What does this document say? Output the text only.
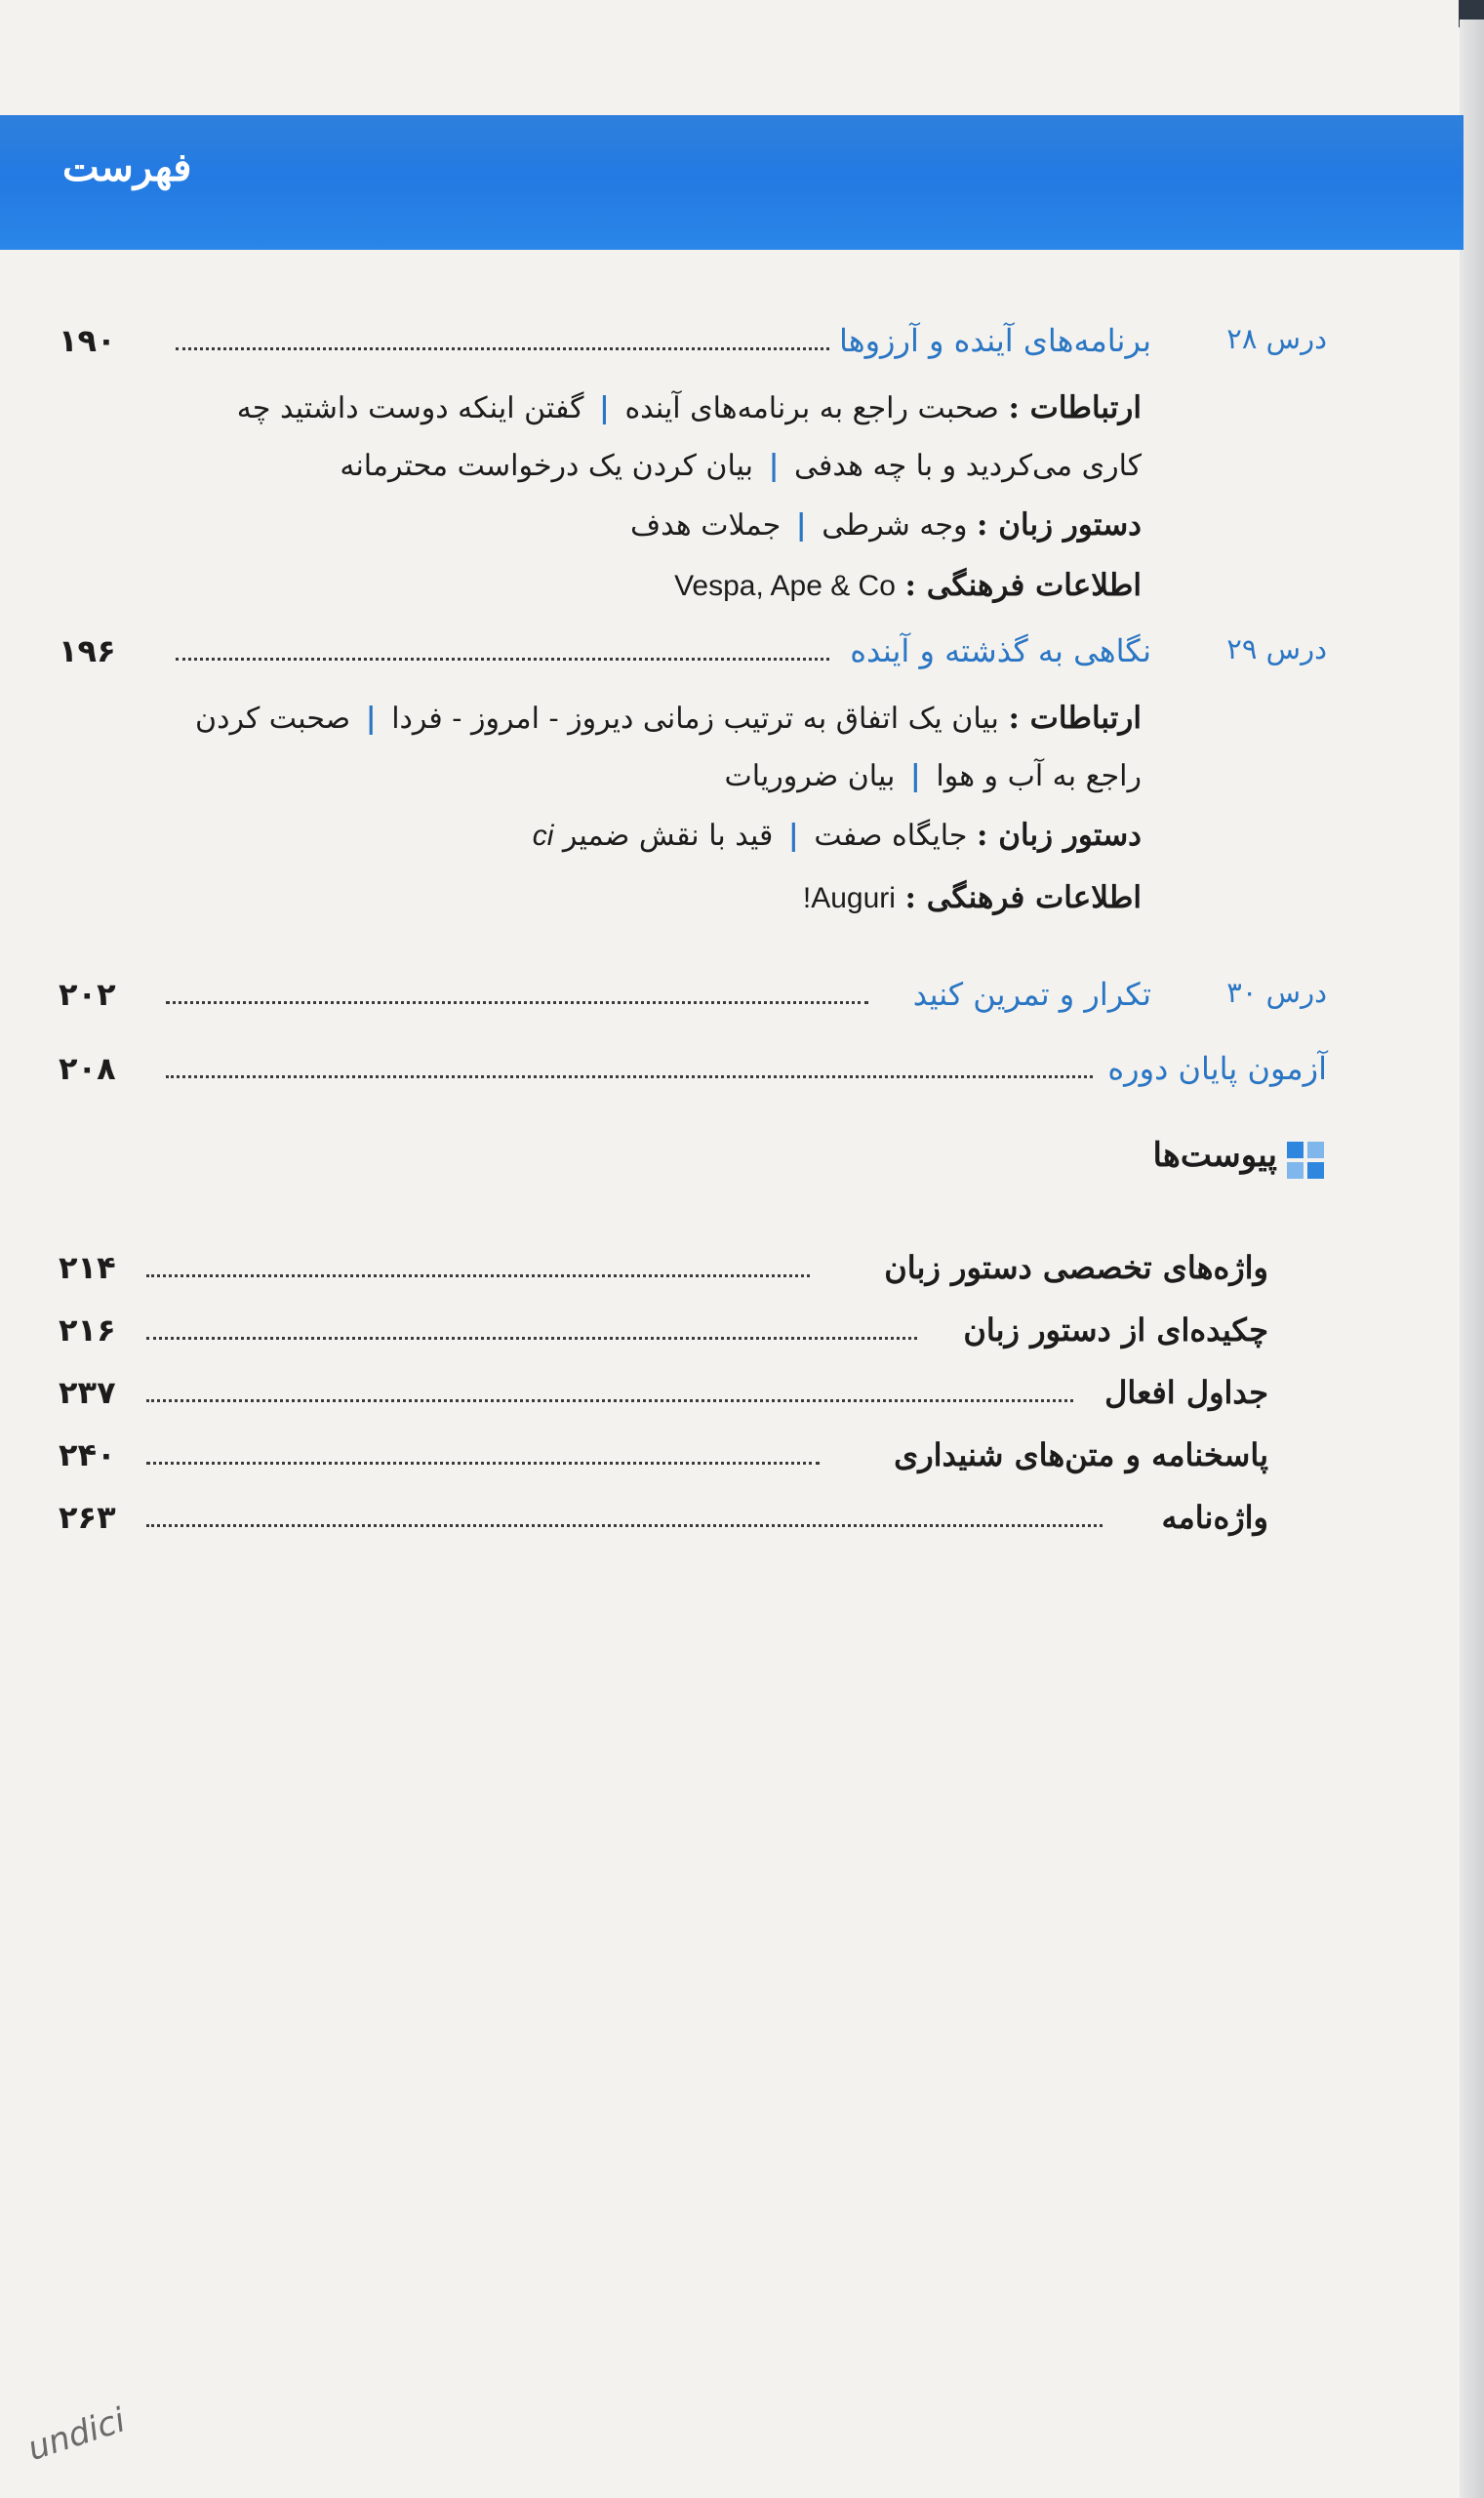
فهرست
درس ۲۸
برنامه‌های آینده و آرزوها
۱۹۰
ارتباطات : صحبت راجع به برنامه‌های آینده | گفتن اینکه دوست داشتید چه
کاری می‌کردید و با چه هدفی | بیان کردن یک درخواست محترمانه
دستور زبان : وجه شرطی | جملات هدف
اطلاعات فرهنگی : Vespa, Ape & Co
درس ۲۹
نگاهی به گذشته و آینده
۱۹۶
ارتباطات : بیان یک اتفاق به ترتیب زمانی دیروز - امروز - فردا | صحبت کردن
راجع به آب و هوا | بیان ضروریات
دستور زبان : جایگاه صفت | قید با نقش ضمیر ci
اطلاعات فرهنگی : Auguri!
درس ۳۰
تکرار و تمرین کنید
۲۰۲
آزمون پایان دوره
۲۰۸
پیوست‌ها
واژه‌های تخصصی دستور زبان
۲۱۴
چکیده‌ای از دستور زبان
۲۱۶
جداول افعال
۲۳۷
پاسخنامه و متن‌های شنیداری
۲۴۰
واژه‌نامه
۲۶۳
undici
